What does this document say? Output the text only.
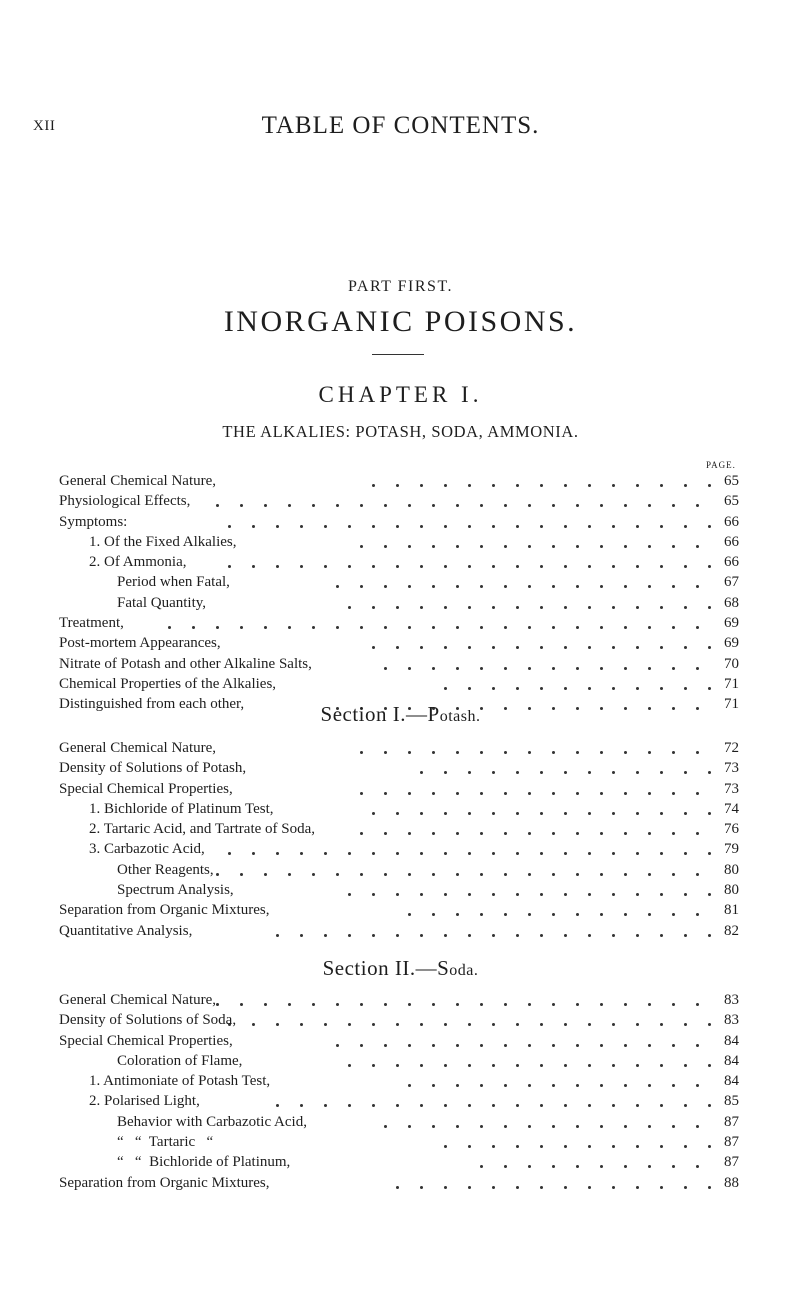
XII	TABLE OF CONTENTS.
PART FIRST.
INORGANIC POISONS.
CHAPTER I.
THE ALKALIES: POTASH, SODA, AMMONIA.
PAGE.
General Chemical Nature,	65
Physiological Effects,	65
Symptoms:	66
1. Of the Fixed Alkalies,	66
2. Of Ammonia,	66
Period when Fatal,	67
Fatal Quantity,	68
Treatment,	69
Post-mortem Appearances,	69
Nitrate of Potash and other Alkaline Salts,	70
Chemical Properties of the Alkalies,	71
Distinguished from each other,	71
Section I.—Potash.
General Chemical Nature,	72
Density of Solutions of Potash,	73
Special Chemical Properties,	73
1. Bichloride of Platinum Test,	74
2. Tartaric Acid, and Tartrate of Soda,	76
3. Carbazotic Acid,	79
Other Reagents,	80
Spectrum Analysis,	80
Separation from Organic Mixtures,	81
Quantitative Analysis,	82
Section II.—Soda.
General Chemical Nature,	83
Density of Solutions of Soda,	83
Special Chemical Properties,	84
Coloration of Flame,	84
1. Antimoniate of Potash Test,	84
2. Polarised Light,	85
Behavior with Carbazotic Acid,	87
“   “  Tartaric   “	87
“   “  Bichloride of Platinum,	87
Separation from Organic Mixtures,	88
